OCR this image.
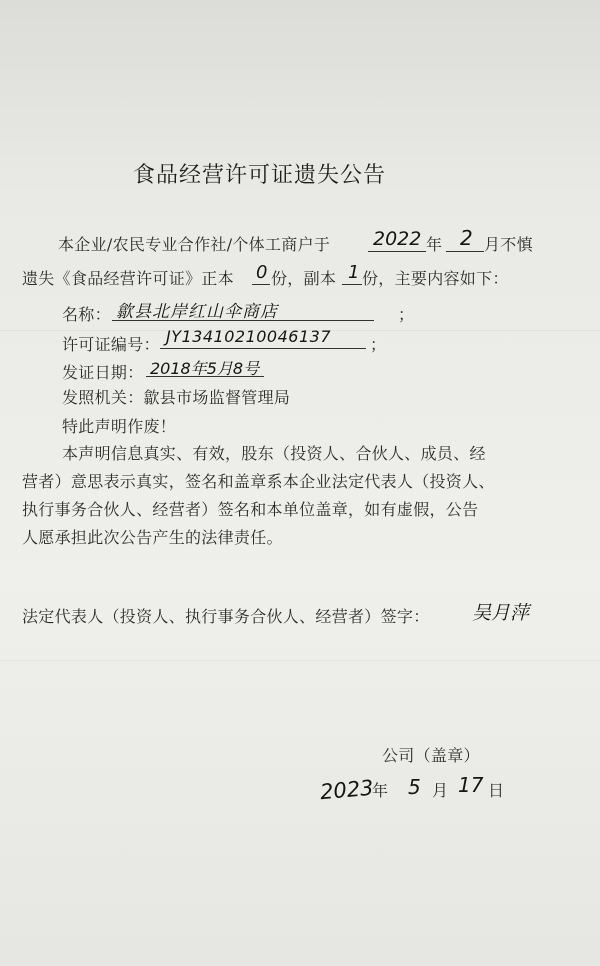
食品经营许可证遗失公告
本企业/农民专业合作社/个体工商户于 2022 年 2 月不慎
遗失《食品经营许可证》正本 0 份，副本 1 份，主要内容如下：
名称： 歙县北岸红山伞商店	；
许可证编号： JY13410210046137 ；
发证日期： 2018年5月8号
发照机关：歙县市场监督管理局
特此声明作废！
本声明信息真实、有效，股东（投资人、合伙人、成员、经
营者）意思表示真实，签名和盖章系本企业法定代表人（投资人、
执行事务合伙人、经营者）签名和本单位盖章，如有虚假，公告
人愿承担此次公告产生的法律责任。
法定代表人（投资人、执行事务合伙人、经营者）签字： 吴月萍
公司（盖章）
2023
年 5 月 17 日
